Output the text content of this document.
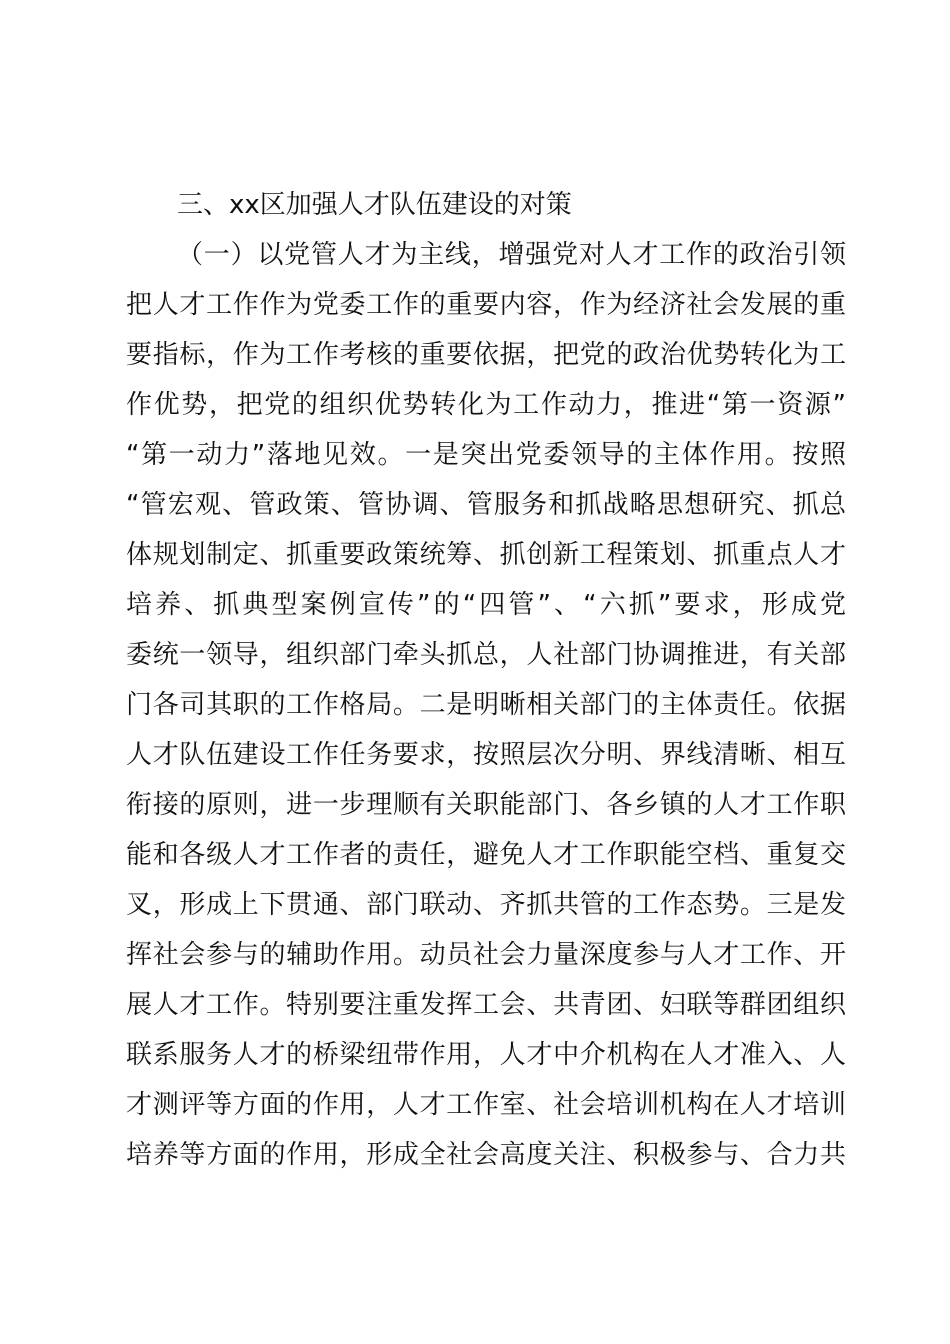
三、xx区加强人才队伍建设的对策
（一）以党管人才为主线，增强党对人才工作的政治引领
把人才工作作为党委工作的重要内容，作为经济社会发展的重
要指标，作为工作考核的重要依据，把党的政治优势转化为工
作优势，把党的组织优势转化为工作动力，推进“第一资源”
“第一动力”落地见效。一是突出党委领导的主体作用。按照
“管宏观、管政策、管协调、管服务和抓战略思想研究、抓总
体规划制定、抓重要政策统筹、抓创新工程策划、抓重点人才
培养、抓典型案例宣传”的“四管”、“六抓”要求，形成党
委统一领导，组织部门牵头抓总，人社部门协调推进，有关部
门各司其职的工作格局。二是明晰相关部门的主体责任。依据
人才队伍建设工作任务要求，按照层次分明、界线清晰、相互
衔接的原则，进一步理顺有关职能部门、各乡镇的人才工作职
能和各级人才工作者的责任，避免人才工作职能空档、重复交
叉，形成上下贯通、部门联动、齐抓共管的工作态势。三是发
挥社会参与的辅助作用。动员社会力量深度参与人才工作、开
展人才工作。特别要注重发挥工会、共青团、妇联等群团组织
联系服务人才的桥梁纽带作用，人才中介机构在人才准入、人
才测评等方面的作用，人才工作室、社会培训机构在人才培训
培养等方面的作用，形成全社会高度关注、积极参与、合力共
